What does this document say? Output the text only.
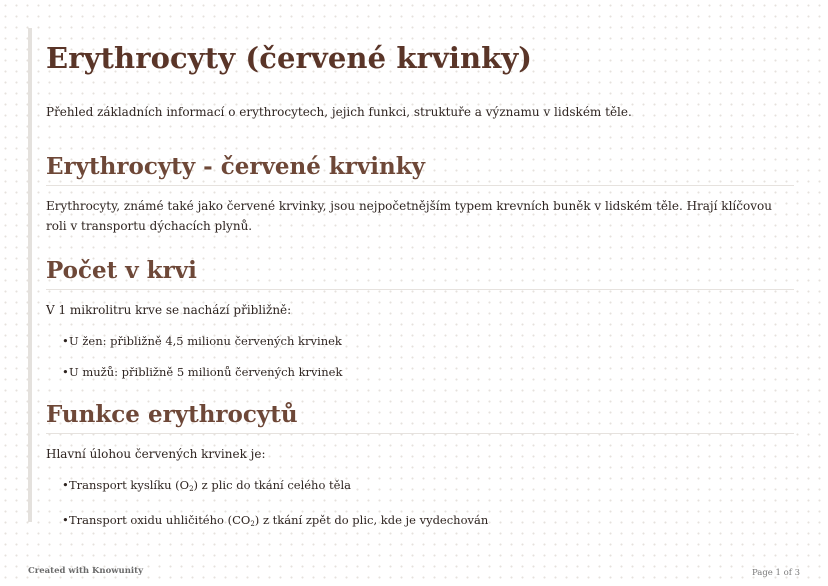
Erythrocyty (červené krvinky)

Přehled základních informací o erythrocytech, jejich funkci, struktuře a významu v lidském těle.

Erythrocyty - červené krvinky

Erythrocyty, známé také jako červené krvinky, jsou nejpočetnějším typem krevních buněk v lidském těle. Hrají klíčovou roli v transportu dýchacích plynů.

Počet v krvi

V 1 mikrolitru krve se nachází přibližně:

• U žen: přibližně 4,5 milionu červených krvinek
• U mužů: přibližně 5 milionů červených krvinek
Funkce erythrocytů

Hlavní úlohou červených krvinek je:

• Transport kyslíku $(O_2)$ z plic do tkání celého těla
• Transport oxidu uhličitého $(CO_2)$ z tkání zpět do plic, kde je vydechován
Created with Knowunity	Page 1 of 3
